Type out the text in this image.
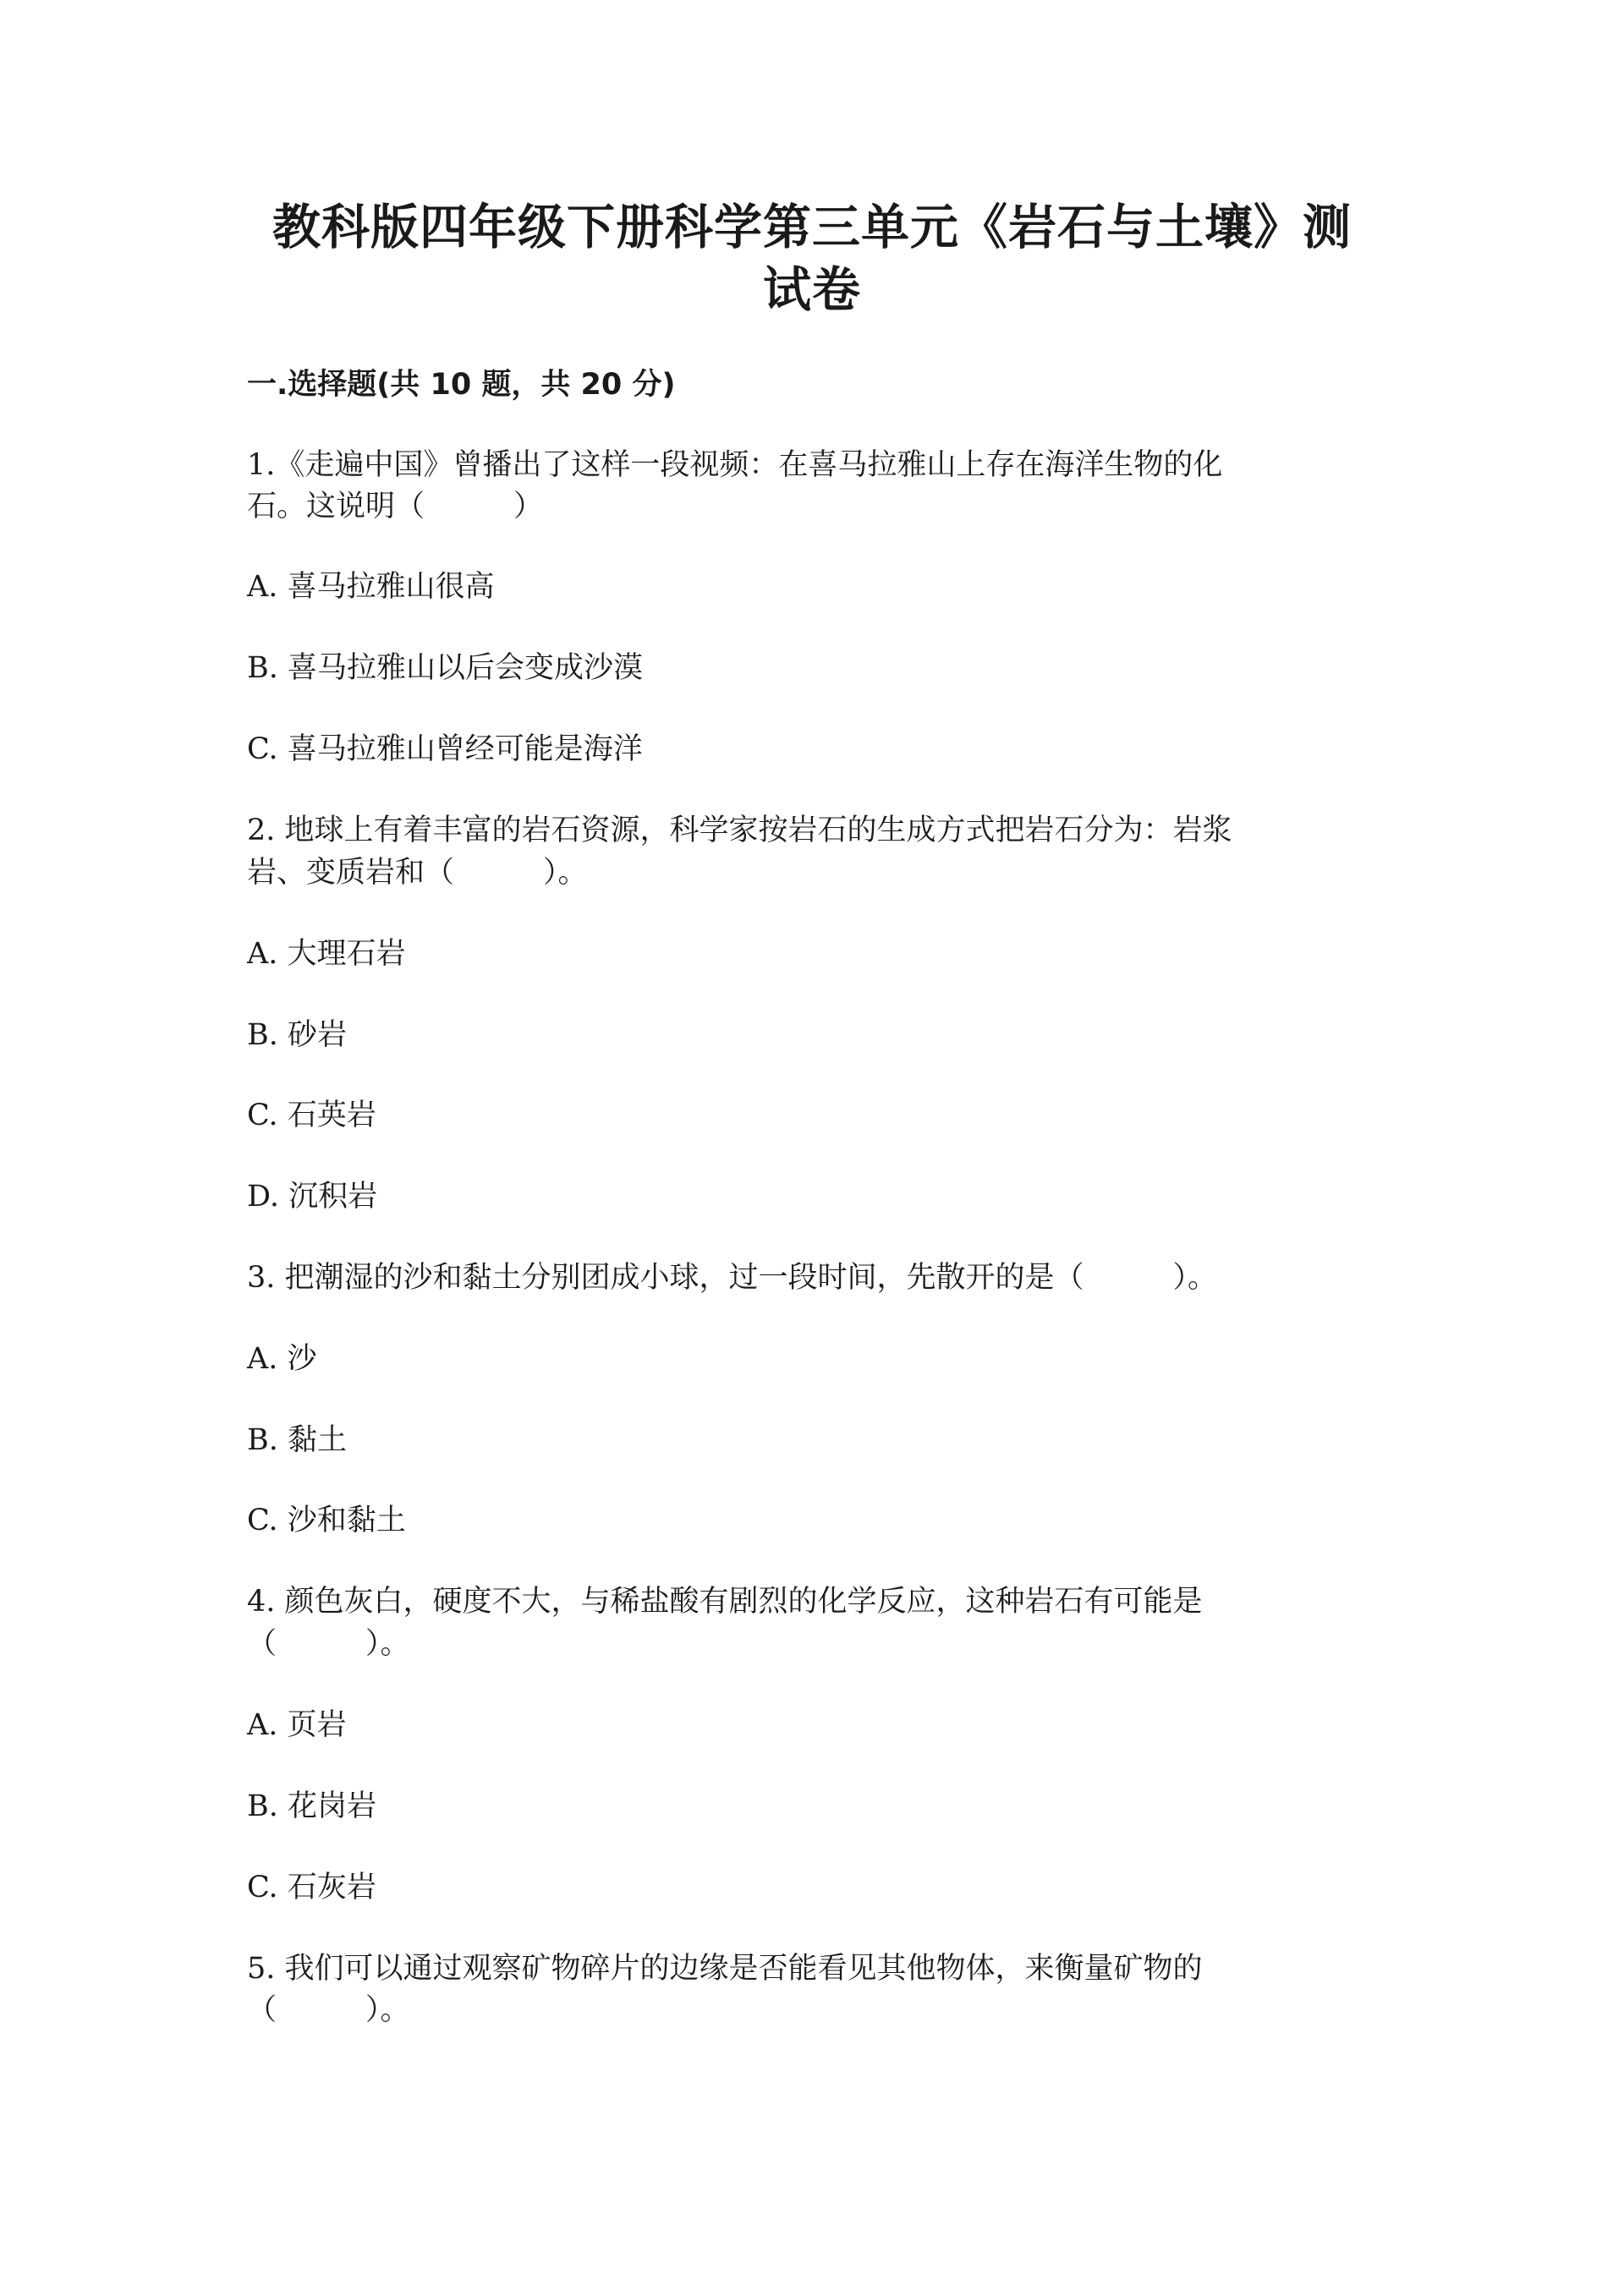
教科版四年级下册科学第三单元《岩石与土壤》测
试卷
一.选择题(共 10 题，共 20 分)
1.《走遍中国》曾播出了这样一段视频：在喜马拉雅山上存在海洋生物的化
石。这说明（　　　）
A. 喜马拉雅山很高
B. 喜马拉雅山以后会变成沙漠
C. 喜马拉雅山曾经可能是海洋
2. 地球上有着丰富的岩石资源，科学家按岩石的生成方式把岩石分为：岩浆
岩、变质岩和（　　　）。
A. 大理石岩
B. 砂岩
C. 石英岩
D. 沉积岩
3. 把潮湿的沙和黏土分别团成小球，过一段时间，先散开的是（　　　）。
A. 沙
B. 黏土
C. 沙和黏土
4. 颜色灰白，硬度不大，与稀盐酸有剧烈的化学反应，这种岩石有可能是
（　　　）。
A. 页岩
B. 花岗岩
C. 石灰岩
5. 我们可以通过观察矿物碎片的边缘是否能看见其他物体，来衡量矿物的
（　　　）。
